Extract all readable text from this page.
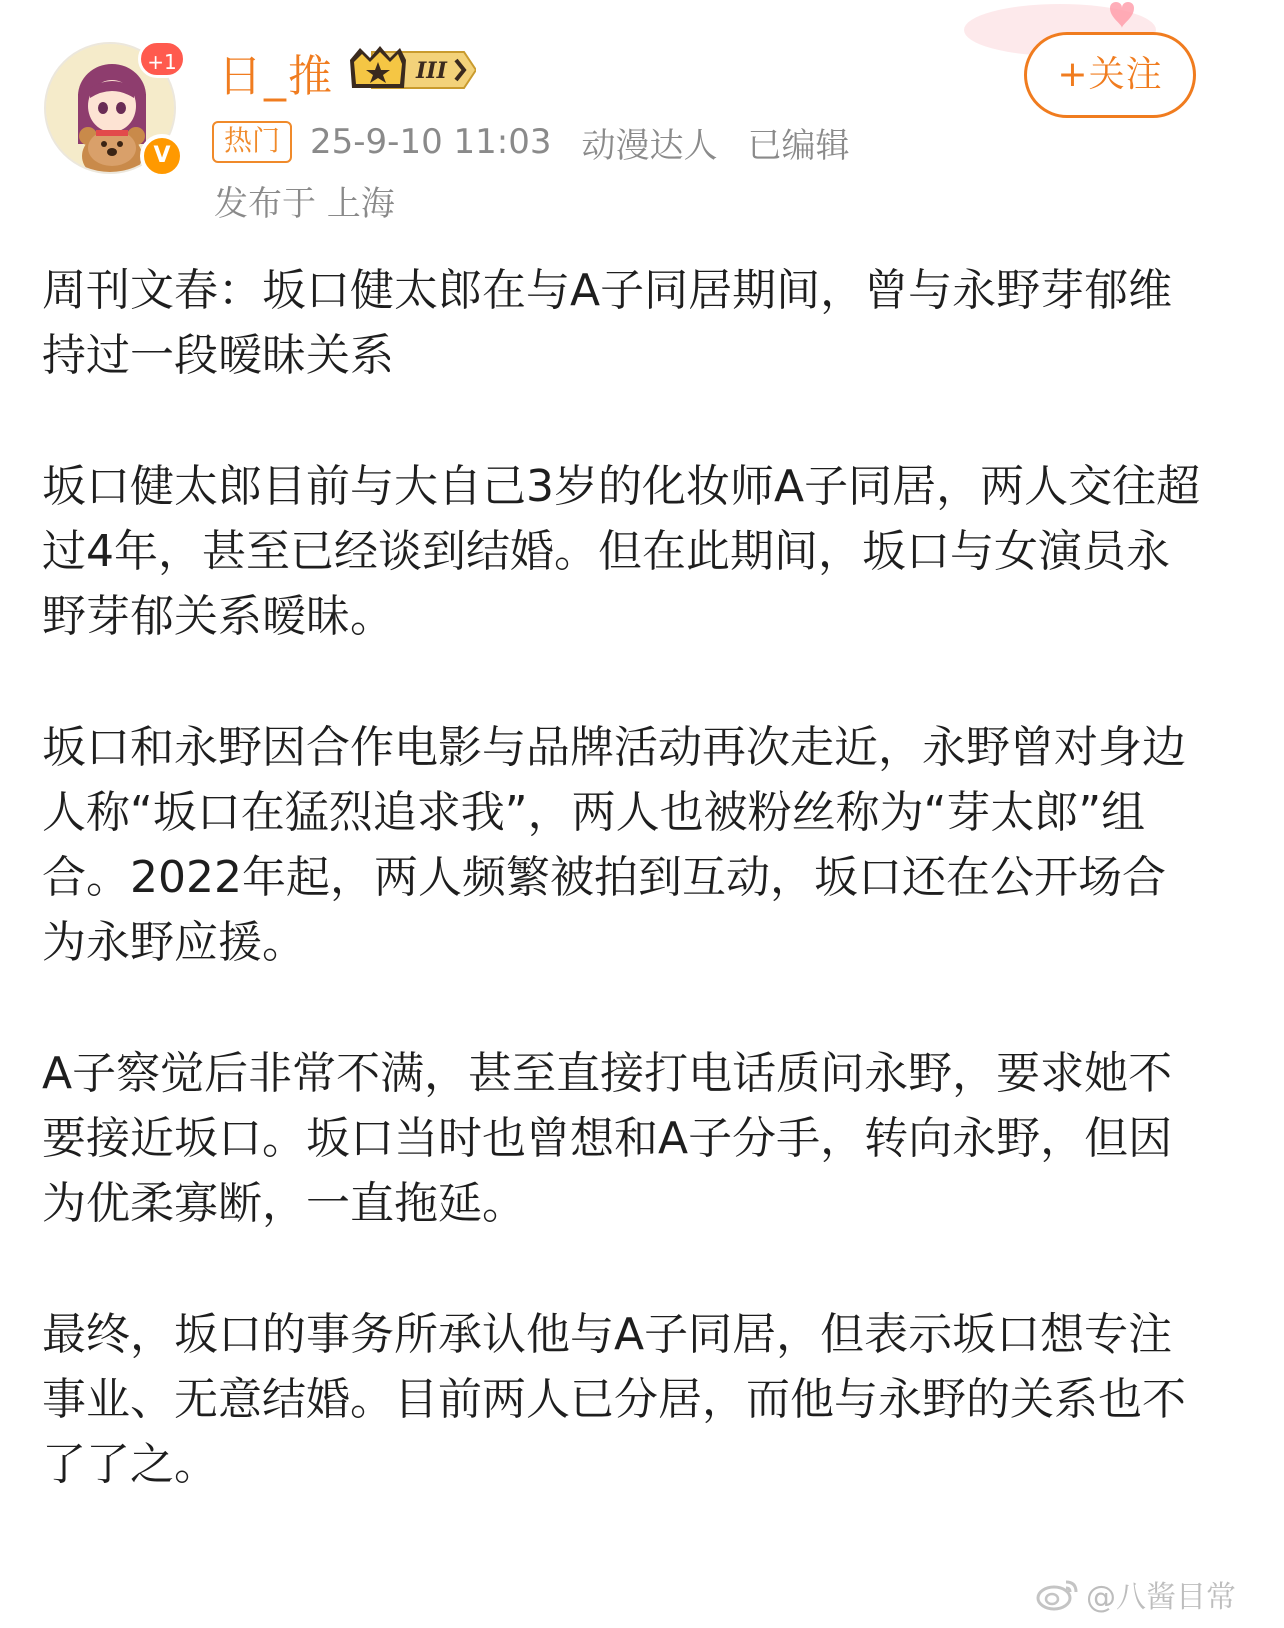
+1
V
日_推	III
热门 25-9-10 11:03 动漫达人 已编辑
发布于 上海
+关注

周刊文春：坂口健太郎在与A子同居期间，曾与永野芽郁维持过一段暧昧关系

坂口健太郎目前与大自己3岁的化妆师A子同居，两人交往超过4年，甚至已经谈到结婚。但在此期间，坂口与女演员永野芽郁关系暧昧。

坂口和永野因合作电影与品牌活动再次走近，永野曾对身边人称“坂口在猛烈追求我”，两人也被粉丝称为“芽太郎”组合。2022年起，两人频繁被拍到互动，坂口还在公开场合为永野应援。

A子察觉后非常不满，甚至直接打电话质问永野，要求她不要接近坂口。坂口当时也曾想和A子分手，转向永野，但因为优柔寡断，一直拖延。

最终，坂口的事务所承认他与A子同居，但表示坂口想专注事业、无意结婚。目前两人已分居，而他与永野的关系也不了了之。

@八酱目常
